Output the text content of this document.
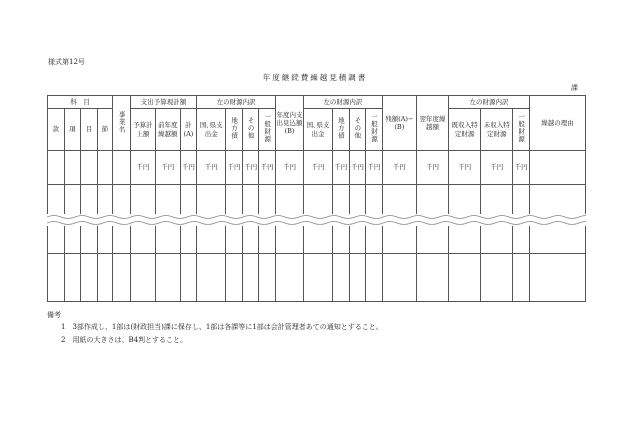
様式第12号
年度継続費繰越見積調書
課
科　目				事業名	支出予算現計額			左の財源内訳				年度内支出見込額(B)	左の財源内訳				残額(A)−(B)	翌年度繰越額	左の財源内訳			繰越の理由
款	項	目	節		予算計上額	前年度繰越額	計(A)	国､県支出金	地方債	その他	一般財源		国､県支出金	地方債	その他	一般財源			既収入特定財源	未収入特定財源	一般財源	
					千円	千円	千円	千円	千円	千円	千円	千円	千円	千円	千円	千円	千円	千円	千円	千円	千円	

備考
1　3部作成し、1部は(財政担当)課に保存し、1部は各課等に1部は会計管理者あての通知とすること。
2　用紙の大きさは、B4判とすること。
